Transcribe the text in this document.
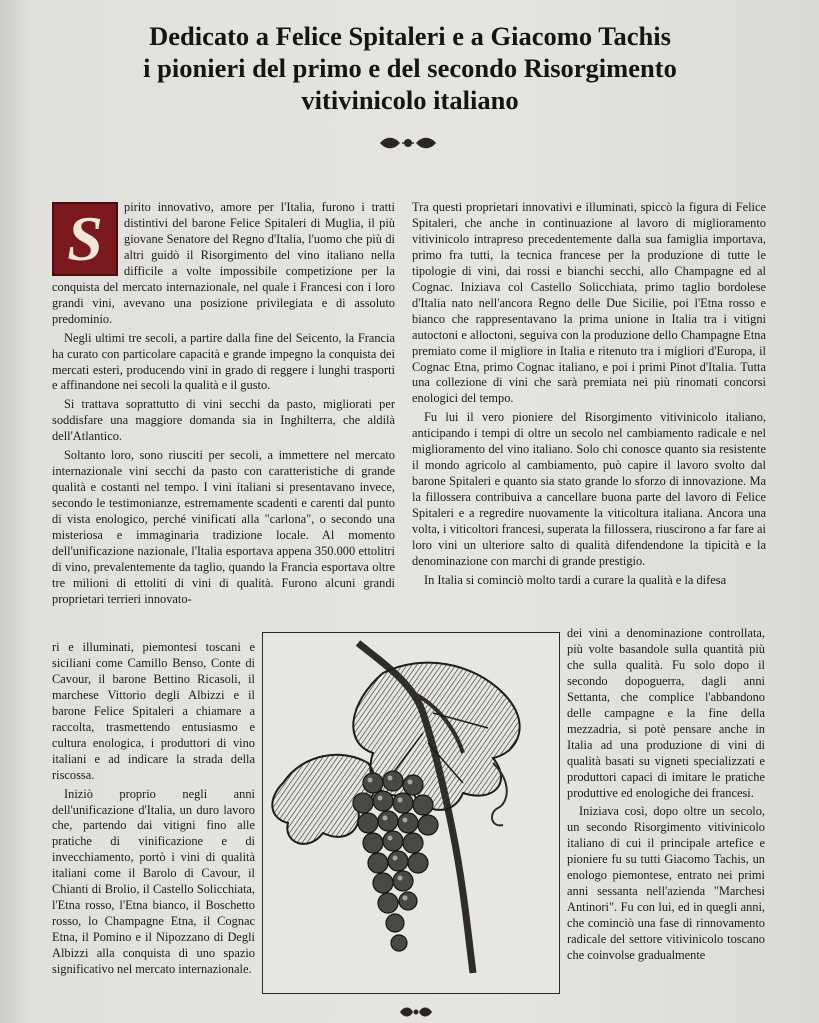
Dedicato a Felice Spitaleri e a Giacomo Tachis
i pionieri del primo e del secondo Risorgimento
vitivinicolo italiano
S	pirito innovativo, amore per l'Italia, furono i tratti distintivi del barone Felice Spitaleri di Muglia, il più giovane Senatore del Regno d'Italia, l'uomo che più di altri guidò il Risorgimento del vino italiano nella difficile a volte impossibile competizione per la conquista del mercato internazionale, nel quale i Francesi con i loro grandi vini, avevano una posizione privilegiata e di assoluto predominio.

Negli ultimi tre secoli, a partire dalla fine del Seicento, la Francia ha curato con particolare capacità e grande impegno la conquista dei mercati esteri, producendo vini in grado di reggere i lunghi trasporti e affinandone nei secoli la qualità e il gusto.

Si trattava soprattutto di vini secchi da pasto, migliorati per soddisfare una maggiore domanda sia in Inghilterra, che aldilà dell'Atlantico.

Soltanto loro, sono riusciti per secoli, a immettere nel mercato internazionale vini secchi da pasto con caratteristiche di grande qualità e costanti nel tempo. I vini italiani si presentavano invece, secondo le testimonianze, estremamente scadenti e carenti dal punto di vista enologico, perché vinificati alla "carlona", o secondo una misteriosa e immaginaria tradizione locale. Al momento dell'unificazione nazionale, l'Italia esportava appena 350.000 ettolitri di vino, prevalentemente da taglio, quando la Francia esportava oltre tre milioni di ettoliti di vini di qualità. Furono alcuni grandi proprietari terrieri innovato-

ri e illuminati, piemontesi toscani e siciliani come Camillo Benso, Conte di Cavour, il barone Bettino Ricasoli, il marchese Vittorio degli Albizzi e il barone Felice Spitaleri a chiamare a raccolta, trasmettendo entusiasmo e cultura enologica, i produttori di vino italiani e ad indicare la strada della riscossa.

Iniziò proprio negli anni dell'unificazione d'Italia, un duro lavoro che, partendo dai vitigni fino alle pratiche di vinificazione e di invecchiamento, portò i vini di qualità italiani come il Barolo di Cavour, il Chianti di Brolio, il Castello Solicchiata, l'Etna rosso, l'Etna bianco, il Boschetto rosso, lo Champagne Etna, il Cognac Etna, il Pomino e il Nipozzano di Degli Albizzi alla conquista di uno spazio significativo nel mercato internazionale.

Tra questi proprietari innovativi e illuminati, spiccò la figura di Felice Spitaleri, che anche in continuazione al lavoro di miglioramento vitivinicolo intrapreso precedentemente dalla sua famiglia importava, primo fra tutti, la tecnica francese per la produzione di tutte le tipologie di vini, dai rossi e bianchi secchi, allo Champagne ed al Cognac. Iniziava col Castello Solicchiata, primo taglio bordolese d'Italia nato nell'ancora Regno delle Due Sicilie, poi l'Etna rosso e bianco che rappresentavano la prima unione in Italia tra i vitigni autoctoni e alloctoni, seguiva con la produzione dello Champagne Etna premiato come il migliore in Italia e ritenuto tra i migliori d'Europa, il Cognac Etna, primo Cognac italiano, e poi i primi Pinot d'Italia. Tutta una collezione di vini che sarà premiata nei più rinomati concorsi enologici del tempo.

Fu lui il vero pioniere del Risorgimento vitivinicolo italiano, anticipando i tempi di oltre un secolo nel cambiamento radicale e nel miglioramento del vino italiano. Solo chi conosce quanto sia resistente il mondo agricolo al cambiamento, può capire il lavoro svolto dal barone Spitaleri e quanto sia stato grande lo sforzo di innovazione. Ma la fillossera contribuiva a cancellare buona parte del lavoro di Felice Spitaleri e a regredire nuovamente la viticoltura italiana. Ancora una volta, i viticoltori francesi, superata la fillossera, riuscirono a far fare ai loro vini un ulteriore salto di qualità difendendone la tipicità e la denominazione con marchi di grande prestigio.

In Italia si cominciò molto tardi a curare la qualità e la difesa

dei vini a denominazione controllata, più volte basandole sulla quantità più che sulla qualità. Fu solo dopo il secondo dopoguerra, dagli anni Settanta, che complice l'abbandono delle campagne e la fine della mezzadria, si potè pensare anche in Italia ad una produzione di vini di qualità basati su vigneti specializzati e produttori capaci di imitare le pratiche produttive ed enologiche dei francesi.

Iniziava così, dopo oltre un secolo, un secondo Risorgimento vitivinicolo italiano di cui il principale artefice e pioniere fu su tutti Giacomo Tachis, un enologo piemontese, entrato nei primi anni sessanta nell'azienda "Marchesi Antinori". Fu con lui, ed in quegli anni, che cominciò una fase di rinnovamento radicale del settore vitivinicolo toscano che coinvolse gradualmente
